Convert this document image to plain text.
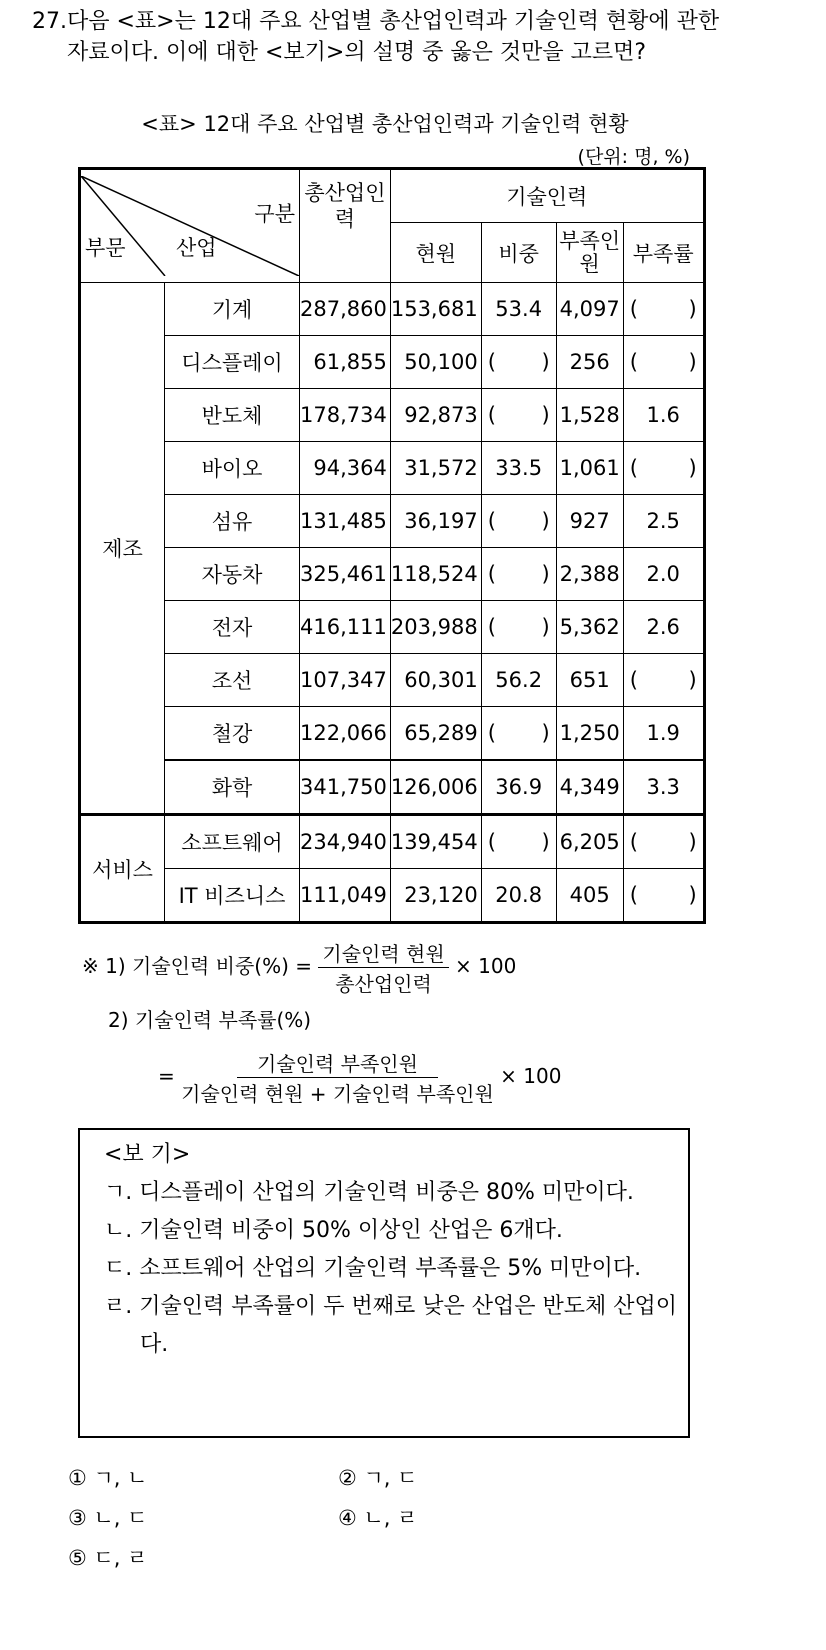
27. 다음 <표>는 12대 주요 산업별 총산업인력과 기술인력 현황에 관한 자료이다. 이에 대한 <보기>의 설명 중 옳은 것만을 고르면?
<표> 12대 주요 산업별 총산업인력과 기술인력 현황
(단위: 명, %)
구분
부문 산업		총산업인력	기술인력			
			현원	비중	부족인원	부족률
제조	기계	287,860	153,681	53.4	4,097	( )

	디스플레이	61,855	50,100	( )	256	( )

	반도체	178,734	92,873	( )	1,528	1.6
	바이오	94,364	31,572	33.5	1,061	( )

	섬유	131,485	36,197	( )	927	2.5
	자동차	325,461	118,524	( )	2,388	2.0
	전자	416,111	203,988	( )	5,362	2.6
	조선	107,347	60,301	56.2	651	( )

	철강	122,066	65,289	( )	1,250	1.9
	화학	341,750	126,006	36.9	4,349	3.3
서비스	소프트웨어	234,940	139,454	( )	6,205	( )

	IT 비즈니스	111,049	23,120	20.8	405	( )
※ 1) 기술인력 비중(%) = $\frac{\text{기술인력 현원}}{\text{총산업인력}} \times 100$
2) 기술인력 부족률(%)
= $\frac{\text{기술인력 부족인원}}{\text{기술인력 현원 + 기술인력 부족인원}} \times 100$
<보 기>
ㄱ. 디스플레이 산업의 기술인력 비중은 80% 미만이다.
ㄴ. 기술인력 비중이 50% 이상인 산업은 6개다.
ㄷ. 소프트웨어 산업의 기술인력 부족률은 5% 미만이다.
ㄹ. 기술인력 부족률이 두 번째로 낮은 산업은 반도체 산업이다.
① ㄱ, ㄴ	② ㄱ, ㄷ
③ ㄴ, ㄷ	④ ㄴ, ㄹ
⑤ ㄷ, ㄹ
